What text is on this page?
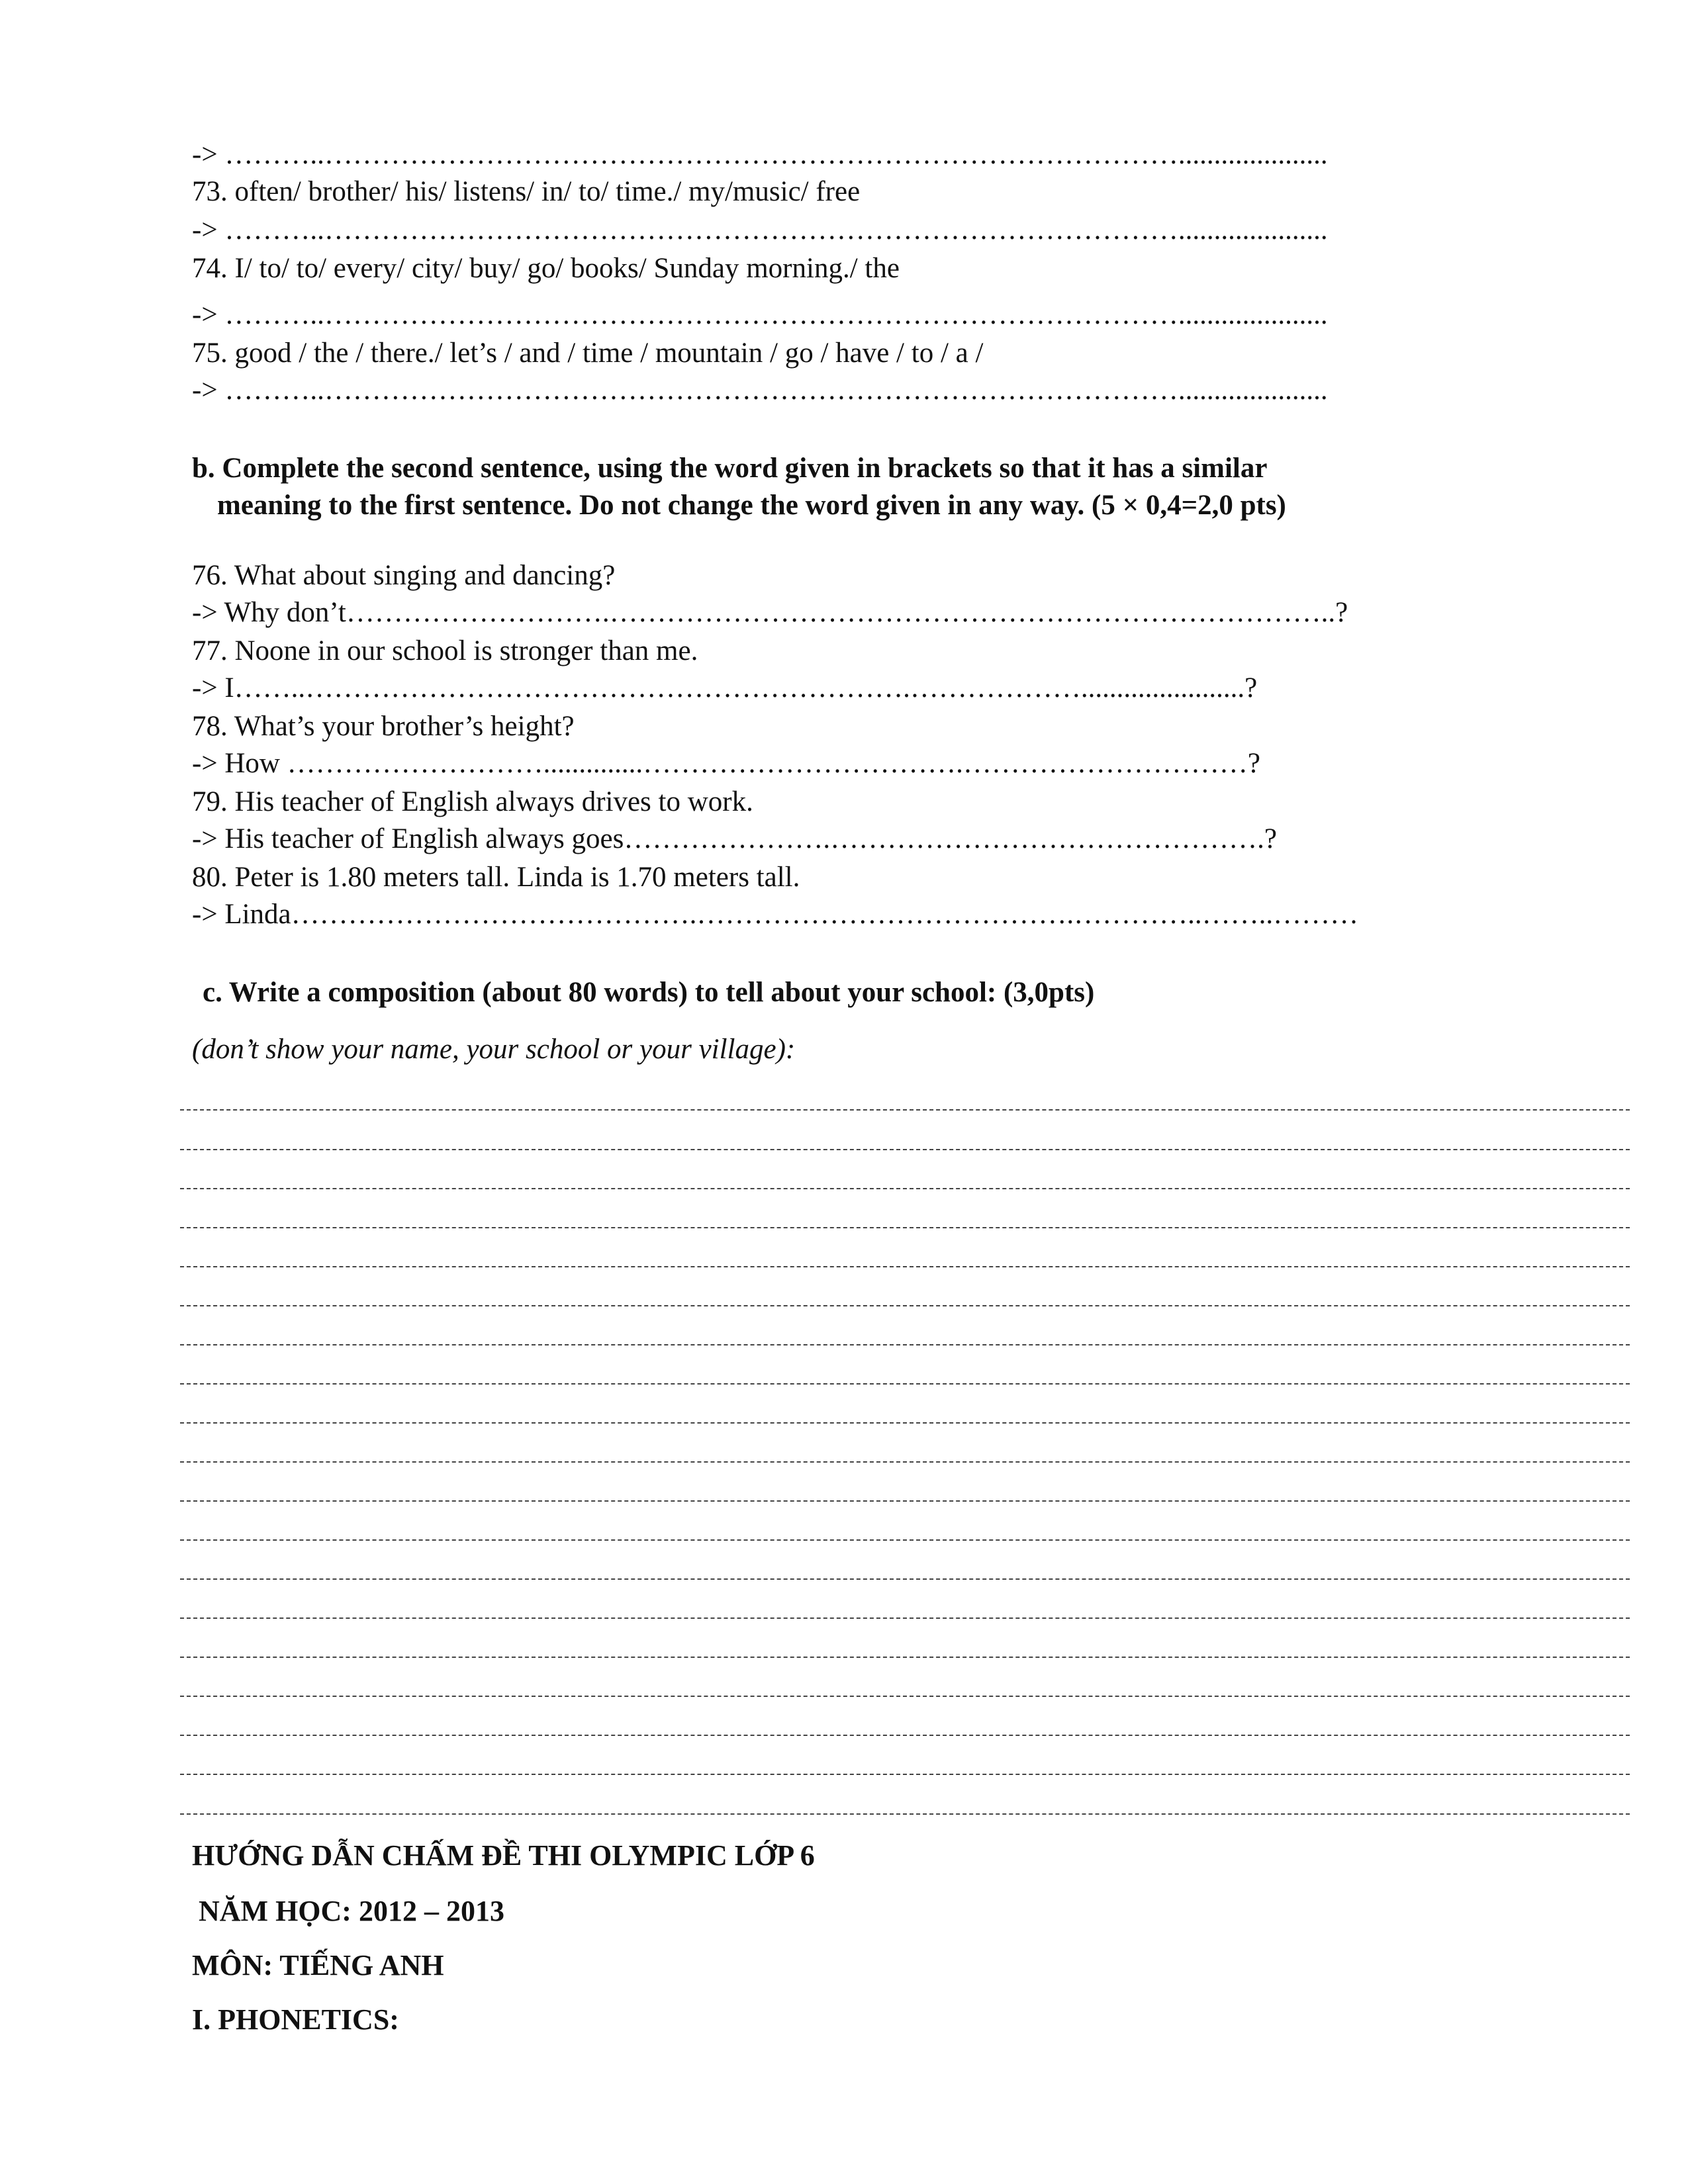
-> ………..……………………………………………………………………………….....................

73. often/ brother/ his/ listens/ in/ to/ time./ my/music/ free

-> ………..……………………………………………………………………………….....................

74. I/ to/ to/ every/ city/ buy/ go/ books/ Sunday morning./ the

-> ………..……………………………………………………………………………….....................

75. good / the / there./ let’s / and / time / mountain / go / have / to / a /

-> ………..……………………………………………………………………………….....................

b. Complete the second sentence, using the word given in brackets so that it has a similar

meaning to the first sentence. Do not change the word given in any way. (5 × 0,4=2,0 pts)

76. What about singing and dancing?

-> Why don’t……………………….…………………………………………………………………..?

77. Noone in our school is stronger than me.

-> I……..……………………………………………………….……………….......................?

78. What’s your brother’s height?

-> How ………………………..............…………………………….…………………………?

79. His teacher of English always drives to work.

-> His teacher of English always goes………………….……………………………………….?

80. Peter is 1.80 meters tall. Linda is 1.70 meters tall.

-> Linda…………………………………….………………………………….…………..……..………

c. Write a composition (about 80 words) to tell about your school: (3,0pts)

(don’t show your name, your school or your village):

HƯỚNG DẪN CHẤM ĐỀ THI OLYMPIC LỚP 6

NĂM HỌC: 2012 – 2013

MÔN: TIẾNG ANH

I. PHONETICS:
